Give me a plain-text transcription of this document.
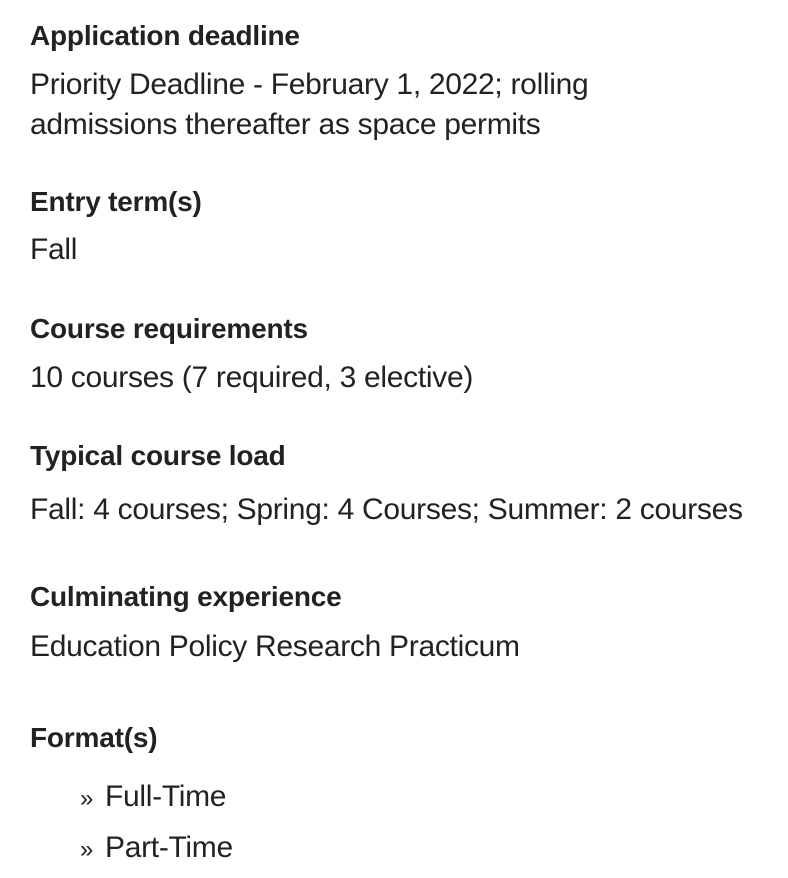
Application deadline
Priority Deadline - February 1, 2022; rolling
admissions thereafter as space permits
Entry term(s)
Fall
Course requirements
10 courses (7 required, 3 elective)
Typical course load
Fall: 4 courses; Spring: 4 Courses; Summer: 2 courses
Culminating experience
Education Policy Research Practicum
Format(s)
» Full-Time
» Part-Time
